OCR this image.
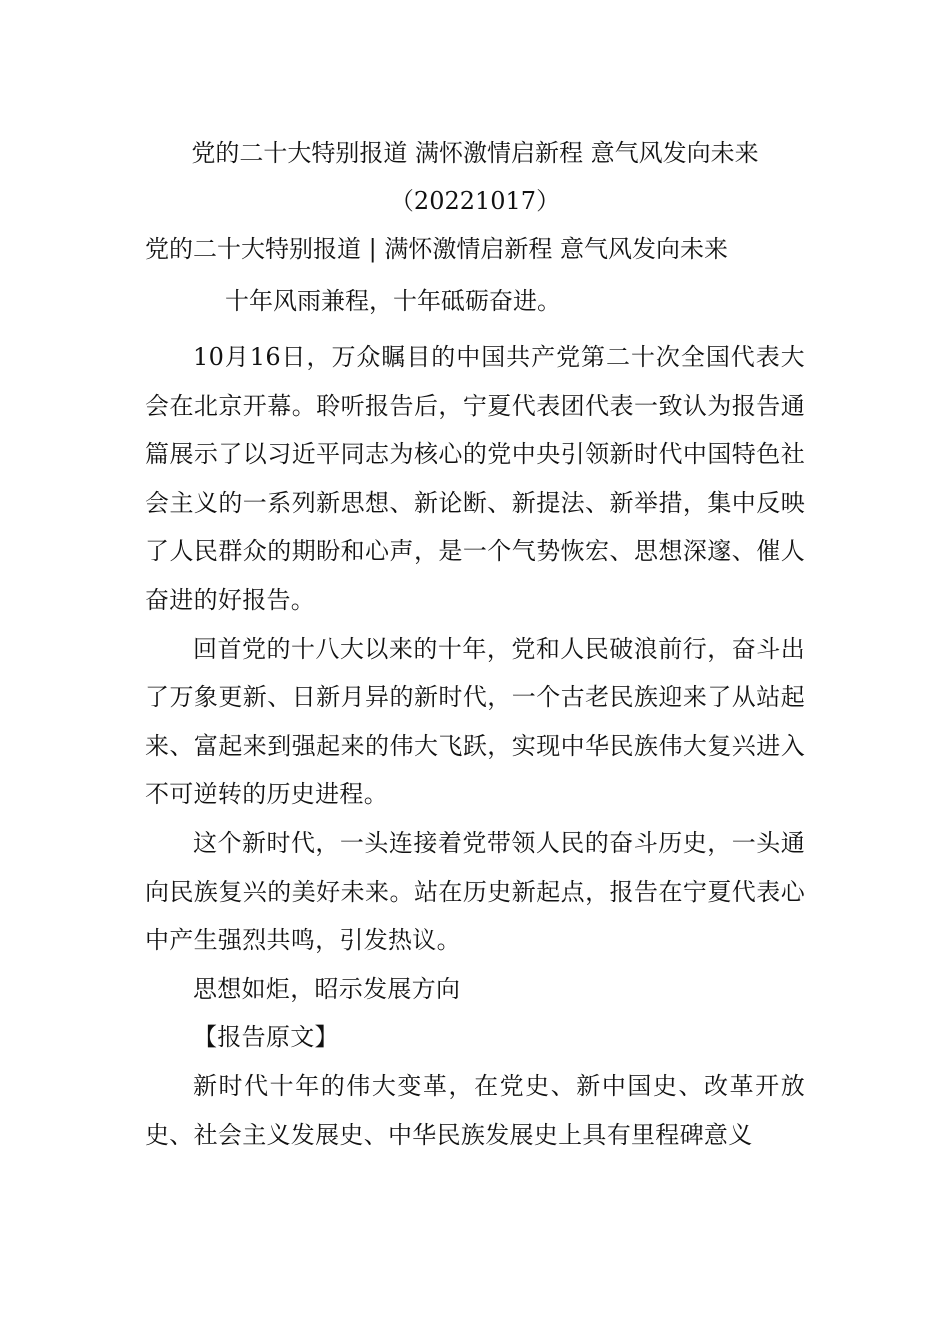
党的二十大特别报道 满怀激情启新程 意气风发向未来
（20221017）
党的二十大特别报道 | 满怀激情启新程 意气风发向未来
十年风雨兼程，十年砥砺奋进。

10月16日，万众瞩目的中国共产党第二十次全国代表大会在北京开幕。聆听报告后，宁夏代表团代表一致认为报告通篇展示了以习近平同志为核心的党中央引领新时代中国特色社会主义的一系列新思想、新论断、新提法、新举措，集中反映了人民群众的期盼和心声，是一个气势恢宏、思想深邃、催人奋进的好报告。

回首党的十八大以来的十年，党和人民破浪前行，奋斗出了万象更新、日新月异的新时代，一个古老民族迎来了从站起来、富起来到强起来的伟大飞跃，实现中华民族伟大复兴进入不可逆转的历史进程。

这个新时代，一头连接着党带领人民的奋斗历史，一头通向民族复兴的美好未来。站在历史新起点，报告在宁夏代表心中产生强烈共鸣，引发热议。

思想如炬，昭示发展方向

【报告原文】

新时代十年的伟大变革，在党史、新中国史、改革开放史、社会主义发展史、中华民族发展史上具有里程碑意义
